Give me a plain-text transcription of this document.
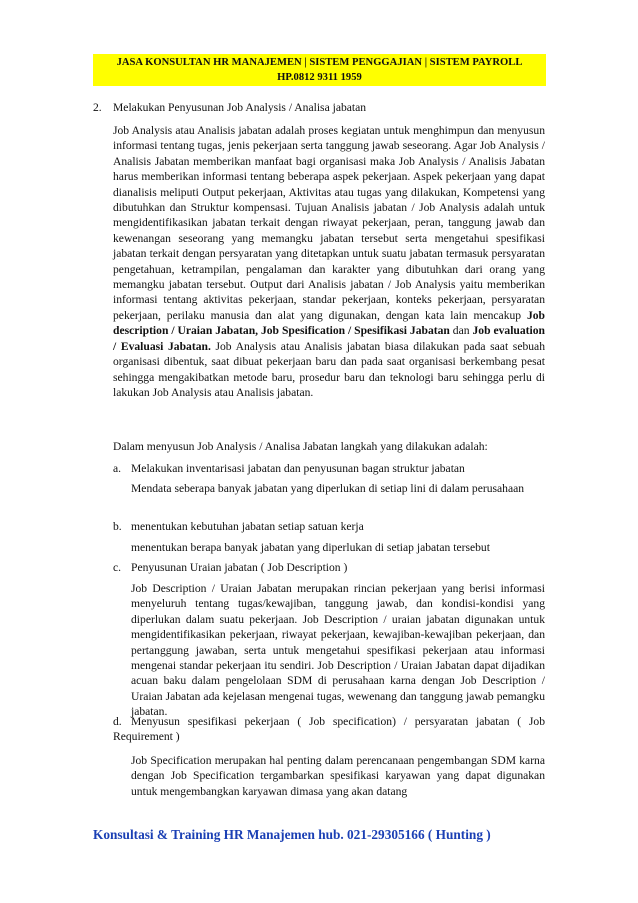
JASA KONSULTAN HR MANAJEMEN | SISTEM PENGGAJIAN | SISTEM PAYROLL
HP.0812 9311 1959
2. Melakukan Penyusunan Job Analysis / Analisa jabatan
Job Analysis atau Analisis jabatan adalah proses kegiatan untuk menghimpun dan menyusun informasi tentang tugas, jenis pekerjaan serta tanggung jawab seseorang. Agar Job Analysis / Analisis Jabatan memberikan manfaat bagi organisasi maka Job Analysis / Analisis Jabatan harus memberikan informasi tentang beberapa aspek pekerjaan. Aspek pekerjaan yang dapat dianalisis meliputi Output pekerjaan, Aktivitas atau tugas yang dilakukan, Kompetensi yang dibutuhkan dan Struktur kompensasi. Tujuan Analisis jabatan / Job Analysis adalah untuk mengidentifikasikan jabatan terkait dengan riwayat pekerjaan, peran, tanggung jawab dan kewenangan seseorang yang memangku jabatan tersebut serta mengetahui spesifikasi jabatan terkait dengan persyaratan yang ditetapkan untuk suatu jabatan termasuk persyaratan pengetahuan, ketrampilan, pengalaman dan karakter yang dibutuhkan dari orang yang memangku jabatan tersebut. Output dari Analisis jabatan / Job Analysis yaitu memberikan informasi tentang aktivitas pekerjaan, standar pekerjaan, konteks pekerjaan, persyaratan pekerjaan, perilaku manusia dan alat yang digunakan, dengan kata lain mencakup Job description / Uraian Jabatan, Job Spesification / Spesifikasi Jabatan dan Job evaluation / Evaluasi Jabatan. Job Analysis atau Analisis jabatan biasa dilakukan pada saat sebuah organisasi dibentuk, saat dibuat pekerjaan baru dan pada saat organisasi berkembang pesat sehingga mengakibatkan metode baru, prosedur baru dan teknologi baru sehingga perlu di lakukan Job Analysis atau Analisis jabatan.
Dalam menyusun Job Analysis / Analisa Jabatan langkah yang dilakukan adalah:
a. Melakukan inventarisasi jabatan dan penyusunan bagan struktur jabatan
Mendata seberapa banyak jabatan yang diperlukan di setiap lini di dalam perusahaan
b. menentukan kebutuhan jabatan setiap satuan kerja
menentukan berapa banyak jabatan yang diperlukan di setiap jabatan tersebut
c. Penyusunan Uraian jabatan ( Job Description )
Job Description / Uraian Jabatan merupakan rincian pekerjaan yang berisi informasi menyeluruh tentang tugas/kewajiban, tanggung jawab, dan kondisi-kondisi yang diperlukan dalam suatu pekerjaan. Job Description / uraian jabatan digunakan untuk mengidentifikasikan pekerjaan, riwayat pekerjaan, kewajiban-kewajiban pekerjaan, dan pertanggung jawaban, serta untuk mengetahui spesifikasi pekerjaan atau informasi mengenai standar pekerjaan itu sendiri. Job Description / Uraian Jabatan dapat dijadikan acuan baku dalam pengelolaan SDM di perusahaan karna dengan Job Description / Uraian Jabatan ada kejelasan mengenai tugas, wewenang dan tanggung jawab pemangku jabatan.
d. Menyusun spesifikasi pekerjaan ( Job specification) / persyaratan jabatan ( Job Requirement )
Job Specification merupakan hal penting dalam perencanaan pengembangan SDM karna dengan Job Specification tergambarkan spesifikasi karyawan yang dapat digunakan untuk mengembangkan karyawan dimasa yang akan datang
Konsultasi & Training HR Manajemen hub. 021-29305166 ( Hunting )
